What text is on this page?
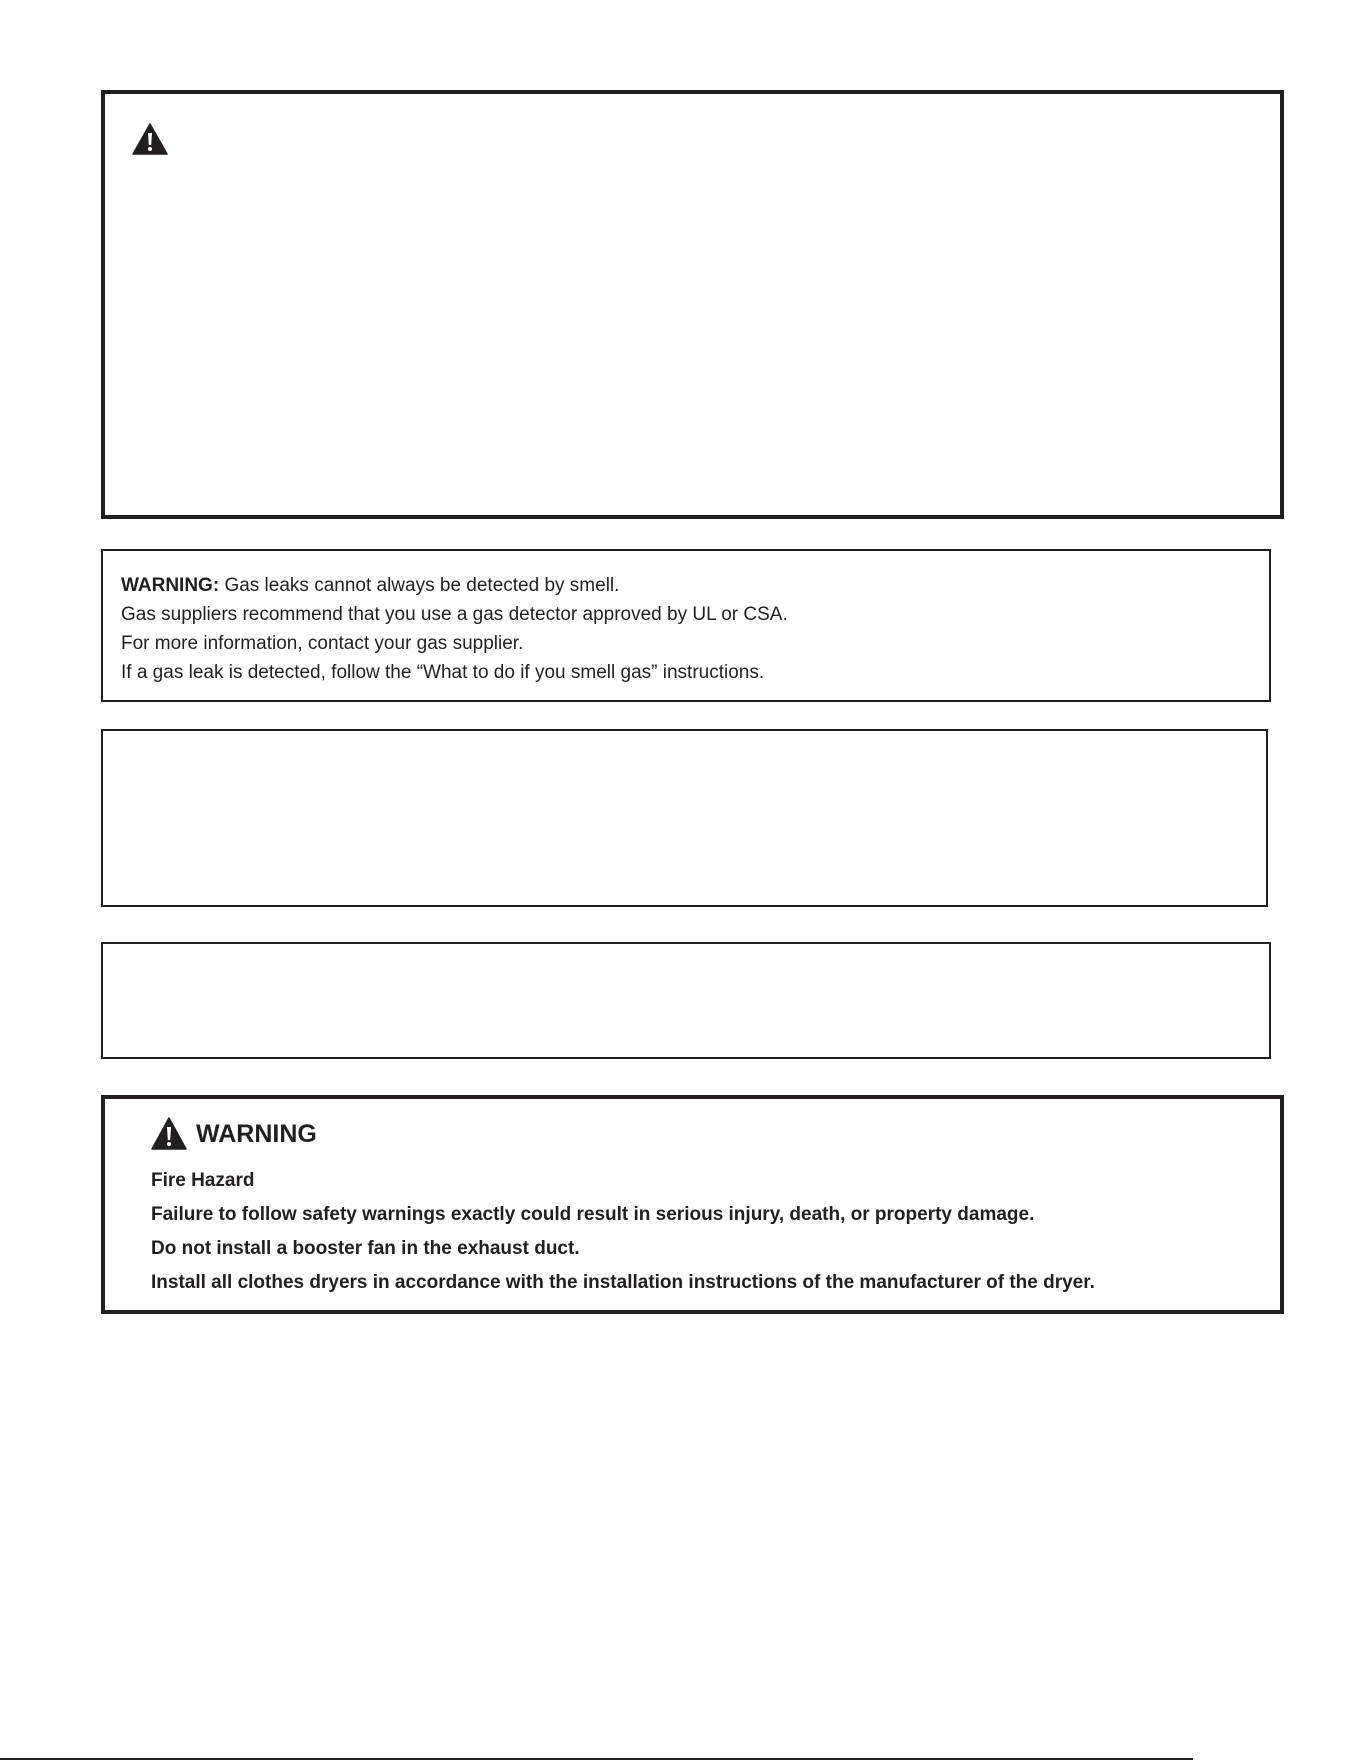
WARNING: Gas leaks cannot always be detected by smell.
Gas suppliers recommend that you use a gas detector approved by UL or CSA.
For more information, contact your gas supplier.
If a gas leak is detected, follow the “What to do if you smell gas” instructions.
WARNING
Fire Hazard
Failure to follow safety warnings exactly could result in serious injury, death, or property damage.
Do not install a booster fan in the exhaust duct.
Install all clothes dryers in accordance with the installation instructions of the manufacturer of the dryer.
